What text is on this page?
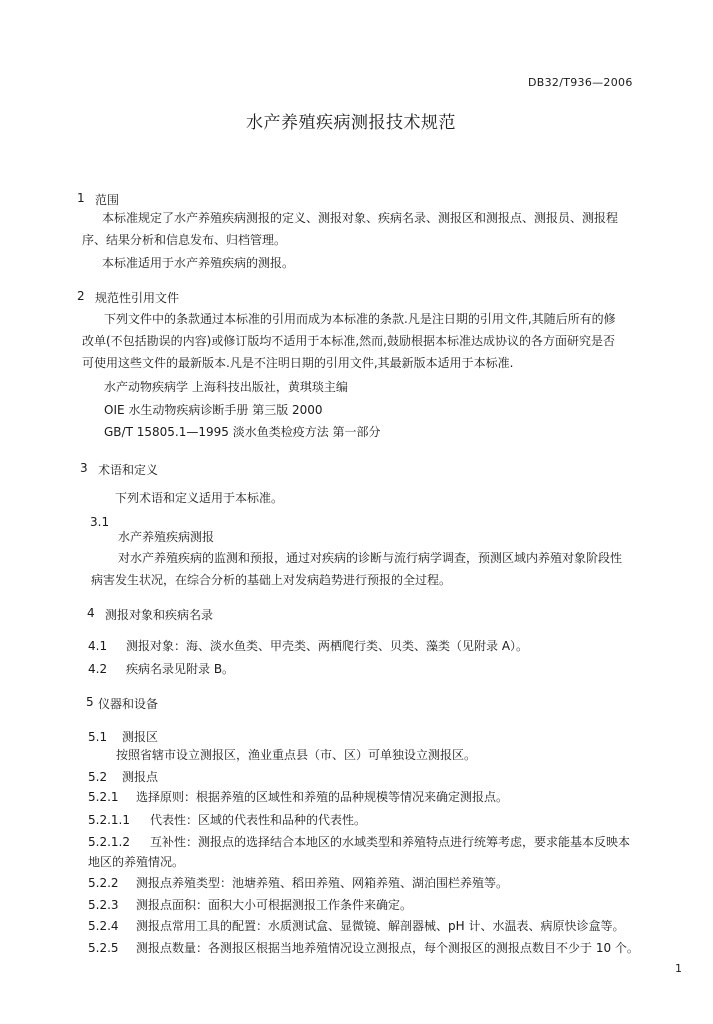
DB32/T936—2006
水产养殖疾病测报技术规范
1 范围
本标准规定了水产养殖疾病测报的定义、测报对象、疾病名录、测报区和测报点、测报员、测报程
序、结果分析和信息发布、归档管理。
本标准适用于水产养殖疾病的测报。
2 规范性引用文件
下列文件中的条款通过本标准的引用而成为本标准的条款.凡是注日期的引用文件,其随后所有的修
改单(不包括勘误的内容)或修订版均不适用于本标准,然而,鼓励根据本标准达成协议的各方面研究是否
可使用这些文件的最新版本.凡是不注明日期的引用文件,其最新版本适用于本标准.
水产动物疾病学 上海科技出版社，黄琪琰主编
OIE 水生动物疾病诊断手册 第三版 2000
GB/T 15805.1—1995 淡水鱼类检疫方法 第一部分
3 术语和定义
下列术语和定义适用于本标准。
3.1
水产养殖疾病测报
对水产养殖疾病的监测和预报，通过对疾病的诊断与流行病学调查，预测区域内养殖对象阶段性
病害发生状况，在综合分析的基础上对发病趋势进行预报的全过程。
4 测报对象和疾病名录
4.1 测报对象：海、淡水鱼类、甲壳类、两栖爬行类、贝类、藻类（见附录 A）。
4.2 疾病名录见附录 B。
5 仪器和设备
5.1 测报区
按照省辖市设立测报区，渔业重点县（市、区）可单独设立测报区。
5.2 测报点
5.2.1 选择原则：根据养殖的区域性和养殖的品种规模等情况来确定测报点。
5.2.1.1 代表性：区域的代表性和品种的代表性。
5.2.1.2 互补性：测报点的选择结合本地区的水域类型和养殖特点进行统筹考虑，要求能基本反映本
地区的养殖情况。
5.2.2 测报点养殖类型：池塘养殖、稻田养殖、网箱养殖、湖泊围栏养殖等。
5.2.3 测报点面积：面积大小可根据测报工作条件来确定。
5.2.4 测报点常用工具的配置：水质测试盒、显微镜、解剖器械、pH 计、水温表、病原快诊盒等。
5.2.5 测报点数量：各测报区根据当地养殖情况设立测报点，每个测报区的测报点数目不少于 10 个。
1
